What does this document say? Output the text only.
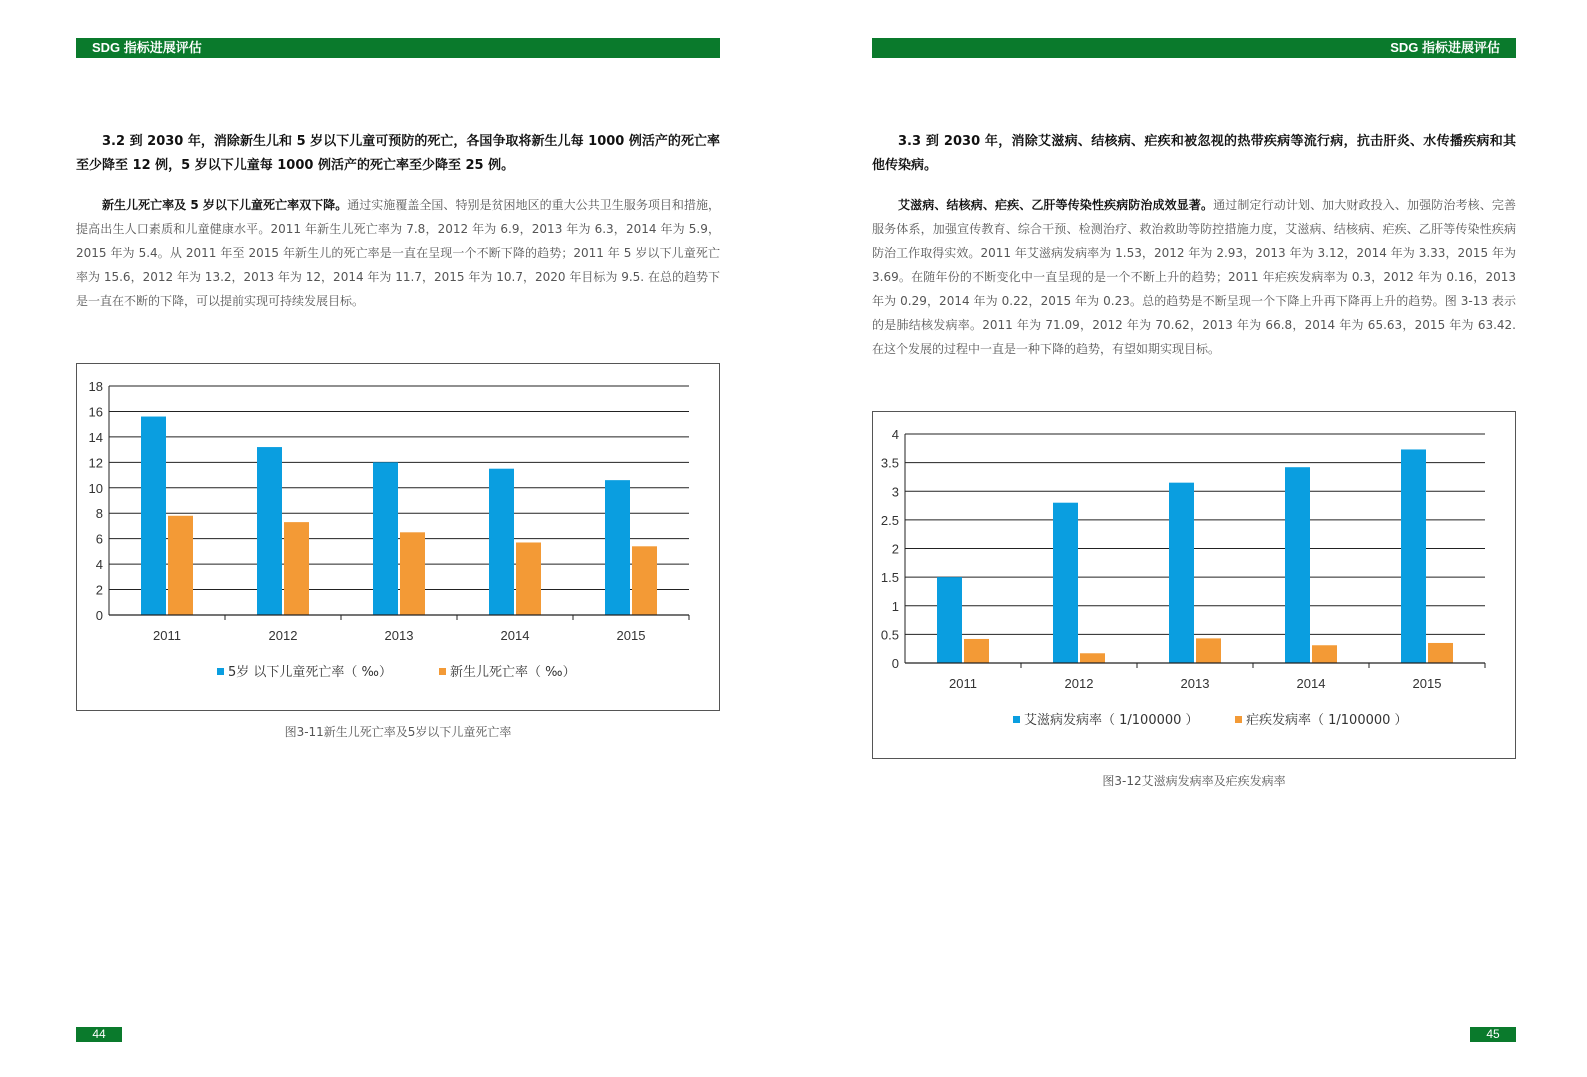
SDG 指标进展评估	SDG 指标进展评估
3.2 到 2030 年，消除新生儿和 5 岁以下儿童可预防的死亡，各国争取将新生儿每 1000 例活产的死亡率至少降至 12 例，5 岁以下儿童每 1000 例活产的死亡率至少降至 25 例。
新生儿死亡率及 5 岁以下儿童死亡率双下降。通过实施覆盖全国、特别是贫困地区的重大公共卫生服务项目和措施，提高出生人口素质和儿童健康水平。2011 年新生儿死亡率为 7.8，2012 年为 6.9，2013 年为 6.3，2014 年为 5.9，2015 年为 5.4。从 2011 年至 2015 年新生儿的死亡率是一直在呈现一个不断下降的趋势；2011 年 5 岁以下儿童死亡率为 15.6，2012 年为 13.2，2013 年为 12，2014 年为 11.7，2015 年为 10.7，2020 年目标为 9.5. 在总的趋势下是一直在不断的下降，可以提前实现可持续发展目标。
0
2
4
6
8
10
12
14
16
18
2011	2012	2013	2014	2015
5岁 以下儿童死亡率（ ‰）	新生儿死亡率（ ‰）
图3-11新生儿死亡率及5岁以下儿童死亡率
3.3 到 2030 年，消除艾滋病、结核病、疟疾和被忽视的热带疾病等流行病，抗击肝炎、水传播疾病和其他传染病。
艾滋病、结核病、疟疾、乙肝等传染性疾病防治成效显著。通过制定行动计划、加大财政投入、加强防治考核、完善服务体系，加强宣传教育、综合干预、检测治疗、救治救助等防控措施力度，艾滋病、结核病、疟疾、乙肝等传染性疾病防治工作取得实效。2011 年艾滋病发病率为 1.53，2012 年为 2.93，2013 年为 3.12，2014 年为 3.33，2015 年为 3.69。在随年份的不断变化中一直呈现的是一个不断上升的趋势；2011 年疟疾发病率为 0.3，2012 年为 0.16，2013 年为 0.29，2014 年为 0.22，2015 年为 0.23。总的趋势是不断呈现一个下降上升再下降再上升的趋势。图 3-13 表示的是肺结核发病率。2011 年为 71.09，2012 年为 70.62，2013 年为 66.8，2014 年为 65.63，2015 年为 63.42. 在这个发展的过程中一直是一种下降的趋势，有望如期实现目标。
0
0.5
1
1.5
2
2.5
3
3.5
4
2011	2012	2013	2014	2015
艾滋病发病率（ 1/100000 ）	疟疾发病率（ 1/100000 ）
图3-12艾滋病发病率及疟疾发病率
44	45
